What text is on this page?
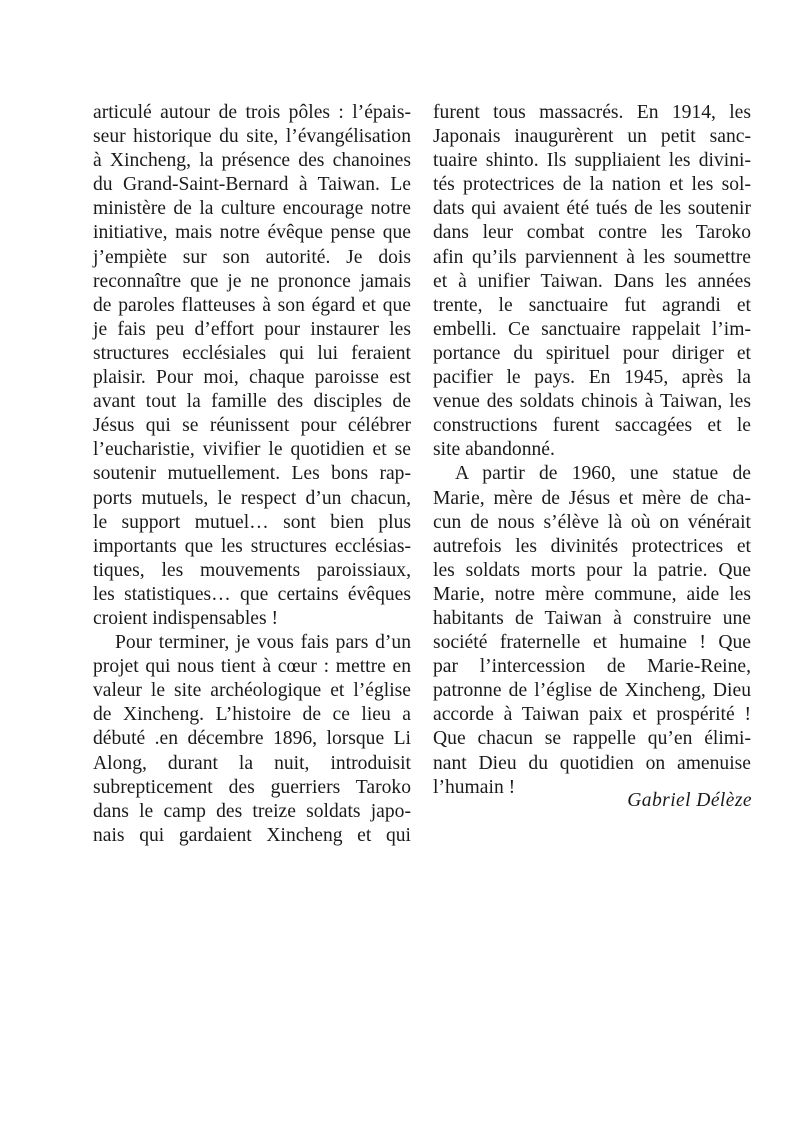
articulé autour de trois pôles : l’épais-
seur historique du site, l’évangélisation
à Xincheng, la présence des chanoines
du Grand-Saint-Bernard à Taiwan. Le
ministère de la culture encourage notre
initiative, mais notre évêque pense que
j’empiète sur son autorité. Je dois
reconnaître que je ne prononce jamais
de paroles flatteuses à son égard et que
je fais peu d’effort pour instaurer les
structures ecclésiales qui lui feraient
plaisir. Pour moi, chaque paroisse est
avant tout la famille des disciples de
Jésus qui se réunissent pour célébrer
l’eucharistie, vivifier le quotidien et se
soutenir mutuellement. Les bons rap-
ports mutuels, le respect d’un chacun,
le support mutuel… sont bien plus
importants que les structures ecclésias-
tiques, les mouvements paroissiaux,
les statistiques… que certains évêques
croient indispensables !
Pour terminer, je vous fais pars d’un
projet qui nous tient à cœur : mettre en
valeur le site archéologique et l’église
de Xincheng. L’histoire de ce lieu a
débuté .en décembre 1896, lorsque Li
Along, durant la nuit, introduisit
subrepticement des guerriers Taroko
dans le camp des treize soldats japo-
nais qui gardaient Xincheng et qui
furent tous massacrés. En 1914, les
Japonais inaugurèrent un petit sanc-
tuaire shinto. Ils suppliaient les divini-
tés protectrices de la nation et les sol-
dats qui avaient été tués de les soutenir
dans leur combat contre les Taroko
afin qu’ils parviennent à les soumettre
et à unifier Taiwan. Dans les années
trente, le sanctuaire fut agrandi et
embelli. Ce sanctuaire rappelait l’im-
portance du spirituel pour diriger et
pacifier le pays. En 1945, après la
venue des soldats chinois à Taiwan, les
constructions furent saccagées et le
site abandonné.
A partir de 1960, une statue de
Marie, mère de Jésus et mère de cha-
cun de nous s’élève là où on vénérait
autrefois les divinités protectrices et
les soldats morts pour la patrie. Que
Marie, notre mère commune, aide les
habitants de Taiwan à construire une
société fraternelle et humaine ! Que
par l’intercession de Marie-Reine,
patronne de l’église de Xincheng, Dieu
accorde à Taiwan paix et prospérité !
Que chacun se rappelle qu’en élimi-
nant Dieu du quotidien on amenuise
l’humain !
Gabriel Délèze
